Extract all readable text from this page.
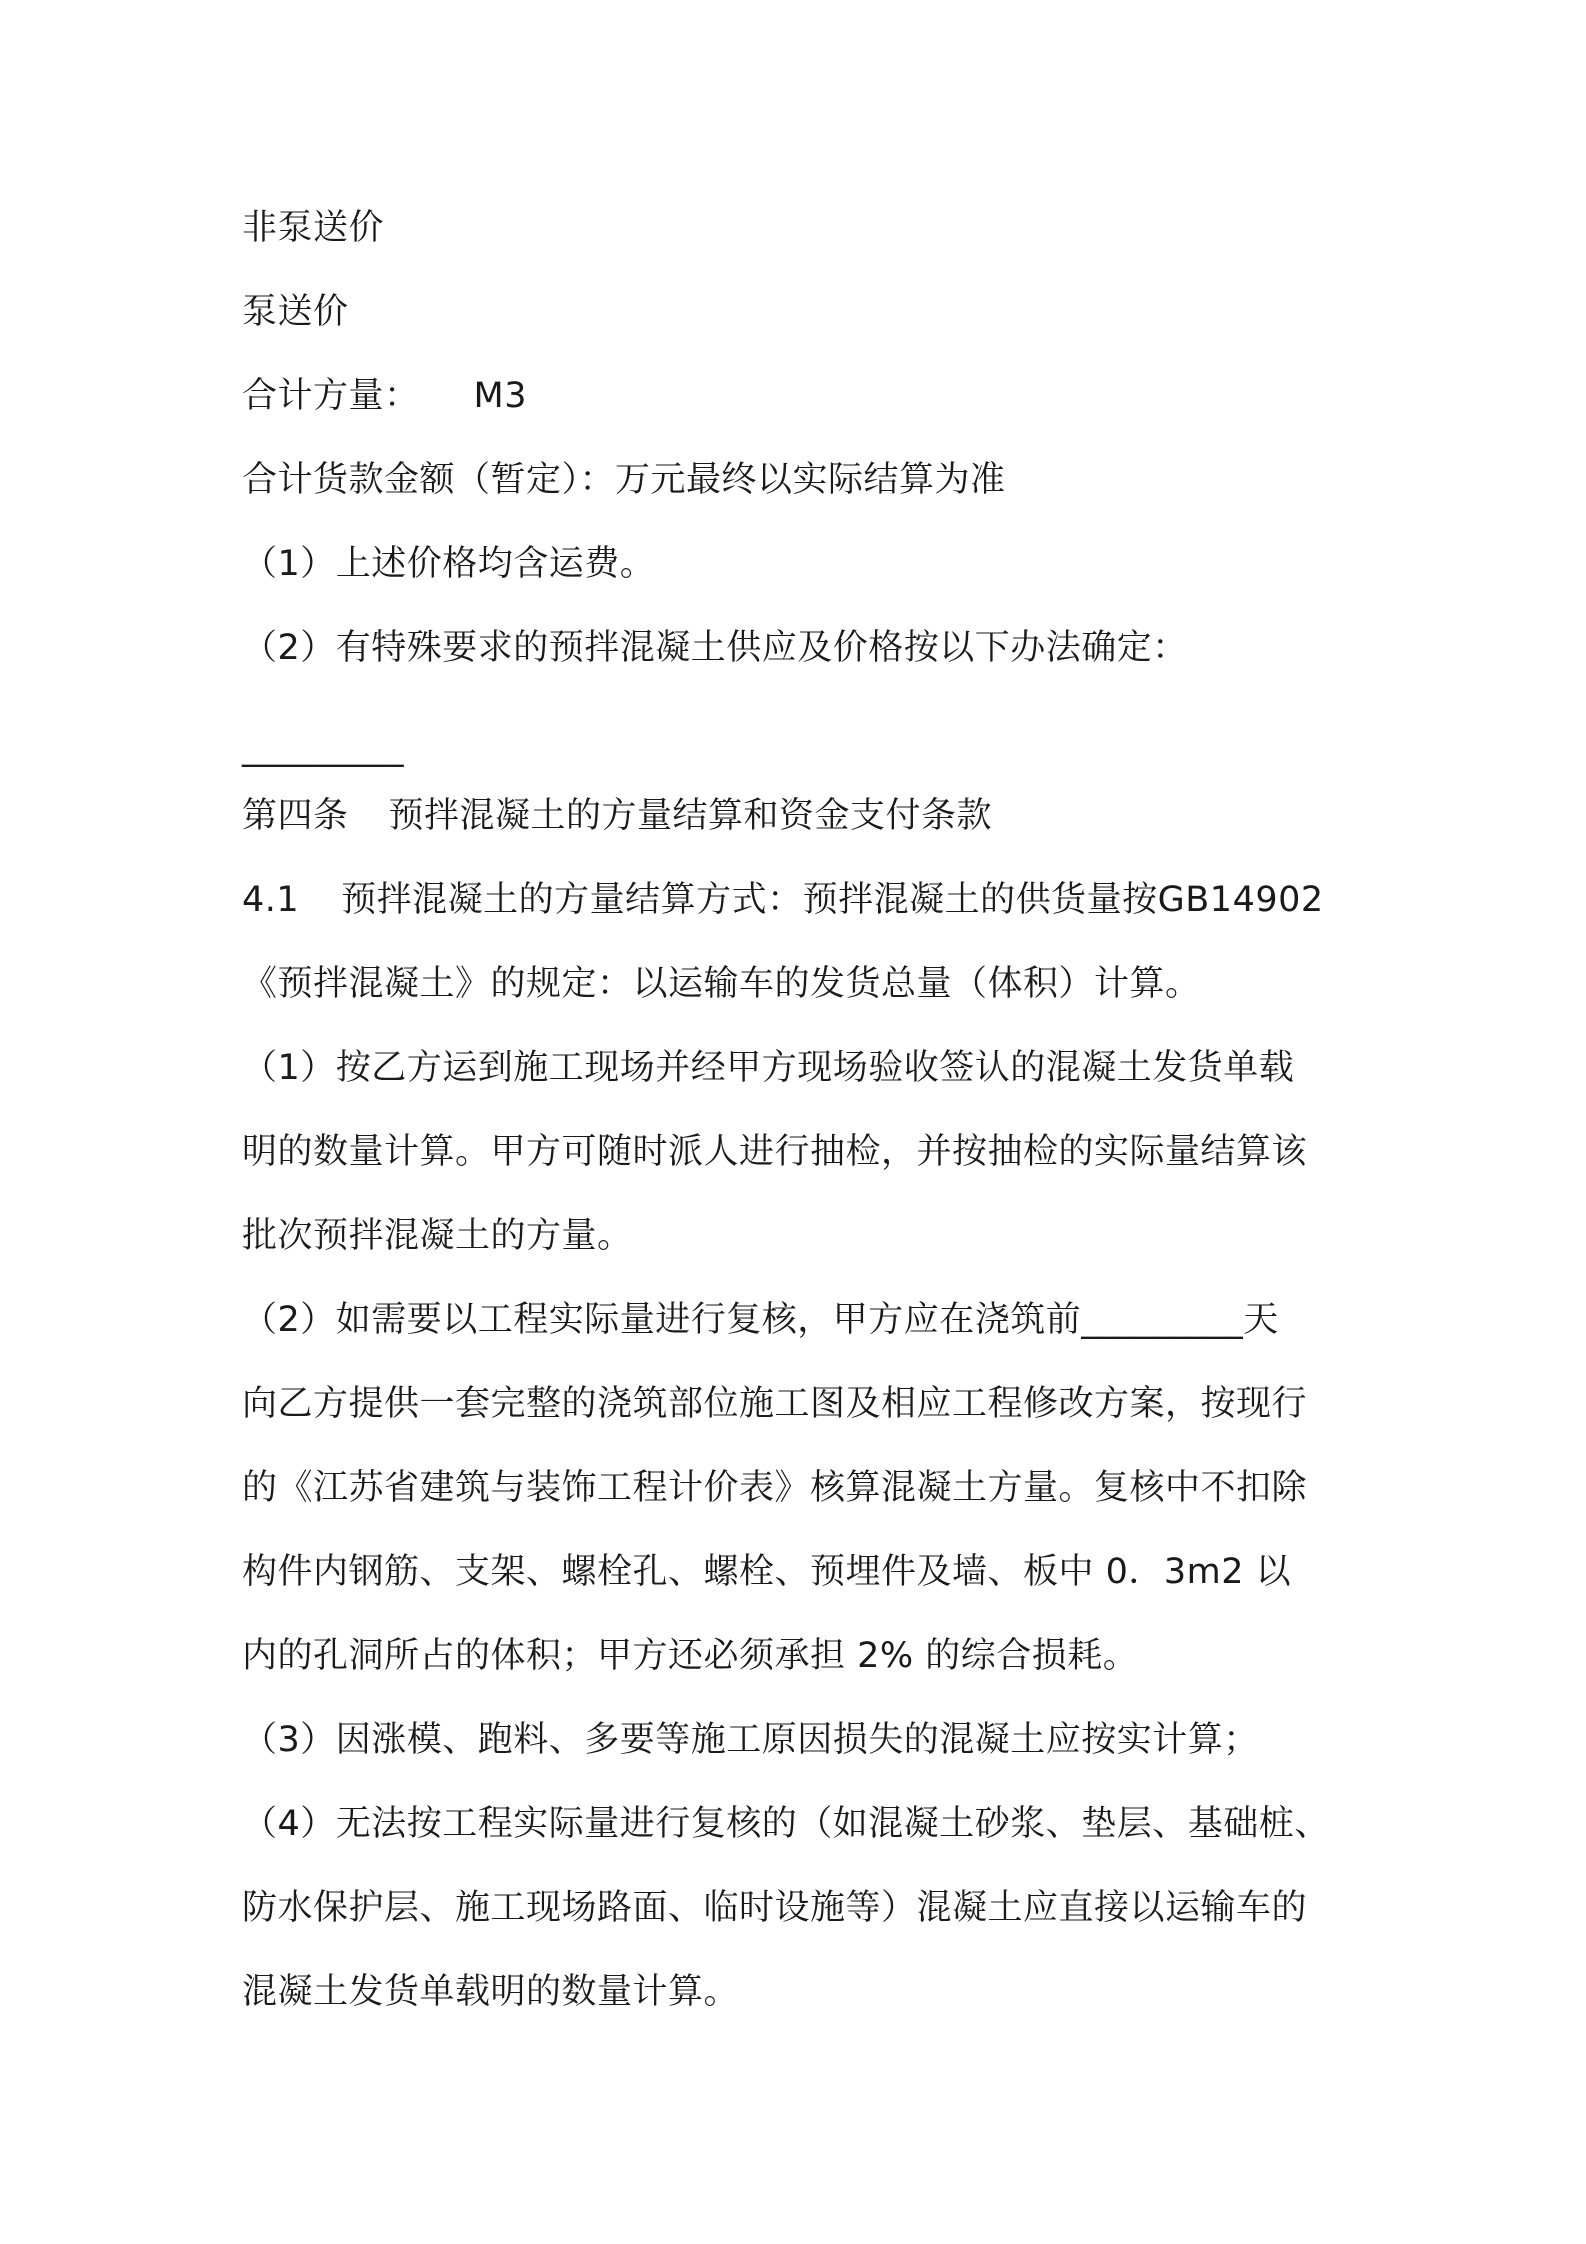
非泵送价

泵送价

合计方量： M3

合计货款金额（暂定）：万元最终以实际结算为准

（1）上述价格均含运费。

（2）有特殊要求的预拌混凝土供应及价格按以下办法确定：

_________

第四条 预拌混凝土的方量结算和资金支付条款

4.1 预拌混凝土的方量结算方式：预拌混凝土的供货量按GB14902

《预拌混凝土》的规定：以运输车的发货总量（体积）计算。

（1）按乙方运到施工现场并经甲方现场验收签认的混凝土发货单载

明的数量计算。甲方可随时派人进行抽检，并按抽检的实际量结算该

批次预拌混凝土的方量。

（2）如需要以工程实际量进行复核，甲方应在浇筑前_________天

向乙方提供一套完整的浇筑部位施工图及相应工程修改方案，按现行

的《江苏省建筑与装饰工程计价表》核算混凝土方量。复核中不扣除

构件内钢筋、支架、螺栓孔、螺栓、预埋件及墙、板中 0．3m2 以

内的孔洞所占的体积；甲方还必须承担 2% 的综合损耗。

（3）因涨模、跑料、多要等施工原因损失的混凝土应按实计算；

（4）无法按工程实际量进行复核的（如混凝土砂浆、垫层、基础桩、

防水保护层、施工现场路面、临时设施等）混凝土应直接以运输车的

混凝土发货单载明的数量计算。
